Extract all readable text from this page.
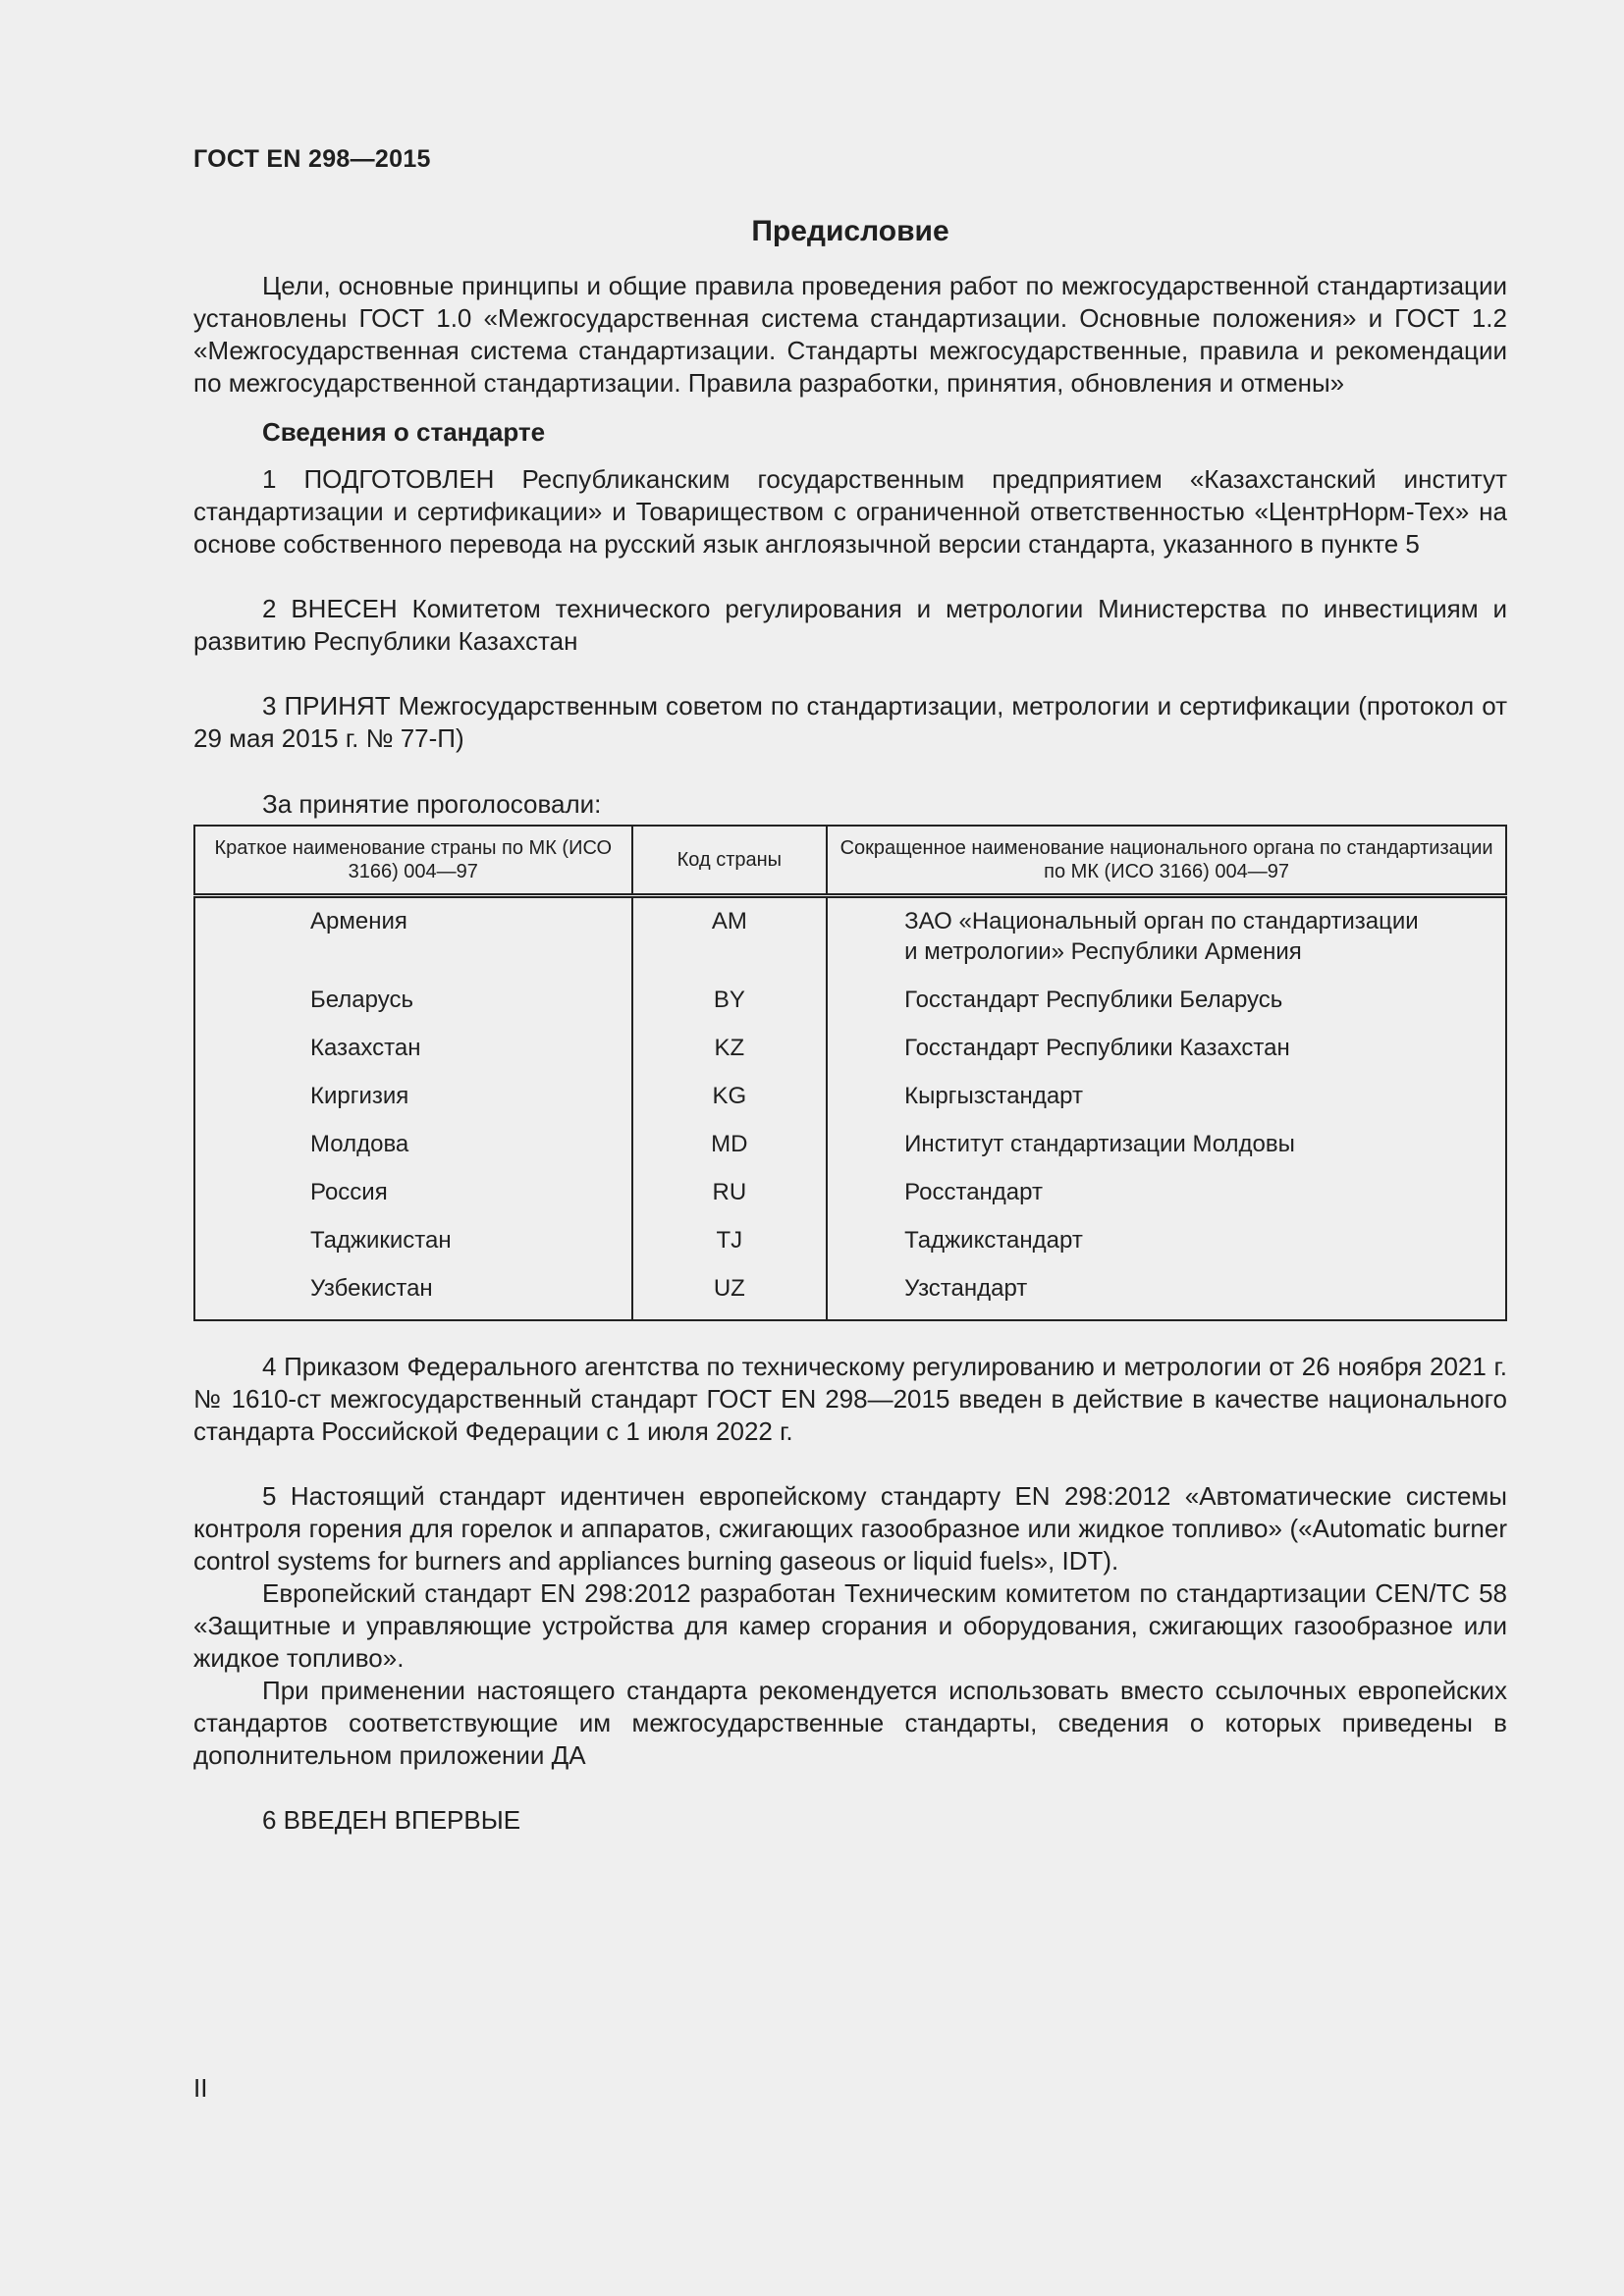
ГОСТ EN 298—2015
Предисловие

Цели, основные принципы и общие правила проведения работ по межгосударственной стандартизации установлены ГОСТ 1.0 «Межгосударственная система стандартизации. Основные положения» и ГОСТ 1.2 «Межгосударственная система стандартизации. Стандарты межгосударственные, правила и рекомендации по межгосударственной стандартизации. Правила разработки, принятия, обновления и отмены»

Сведения о стандарте

1 ПОДГОТОВЛЕН Республиканским государственным предприятием «Казахстанский институт стандартизации и сертификации» и Товариществом с ограниченной ответственностью «ЦентрНорм-Тех» на основе собственного перевода на русский язык англоязычной версии стандарта, указанного в пункте 5

2 ВНЕСЕН Комитетом технического регулирования и метрологии Министерства по инвестициям и развитию Республики Казахстан

3 ПРИНЯТ Межгосударственным советом по стандартизации, метрологии и сертификации (протокол от 29 мая 2015 г. № 77-П)

За принятие проголосовали:
Краткое наименование страны по МК (ИСО 3166) 004—97	Код страны	Сокращенное наименование национального органа по стандартизации по МК (ИСО 3166) 004—97
Армения	AM	ЗАО «Национальный орган по стандартизации
и метрологии» Республики Армения

Беларусь	BY	Госстандарт Республики Беларусь
Казахстан	KZ	Госстандарт Республики Казахстан
Киргизия	KG	Кыргызстандарт
Молдова	MD	Институт стандартизации Молдовы
Россия	RU	Росстандарт
Таджикистан	TJ	Таджикстандарт
Узбекистан	UZ	Узстандарт

4 Приказом Федерального агентства по техническому регулированию и метрологии от 26 ноября 2021 г. № 1610-ст межгосударственный стандарт ГОСТ EN 298—2015 введен в действие в качестве национального стандарта Российской Федерации с 1 июля 2022 г.

5 Настоящий стандарт идентичен европейскому стандарту EN 298:2012 «Автоматические системы контроля горения для горелок и аппаратов, сжигающих газообразное или жидкое топливо» («Automatic burner control systems for burners and appliances burning gaseous or liquid fuels», IDT).

Европейский стандарт EN 298:2012 разработан Техническим комитетом по стандартизации CEN/TC 58 «Защитные и управляющие устройства для камер сгорания и оборудования, сжигающих газообразное или жидкое топливо».

При применении настоящего стандарта рекомендуется использовать вместо ссылочных европейских стандартов соответствующие им межгосударственные стандарты, сведения о которых приведены в дополнительном приложении ДА

6 ВВЕДЕН ВПЕРВЫЕ

II
